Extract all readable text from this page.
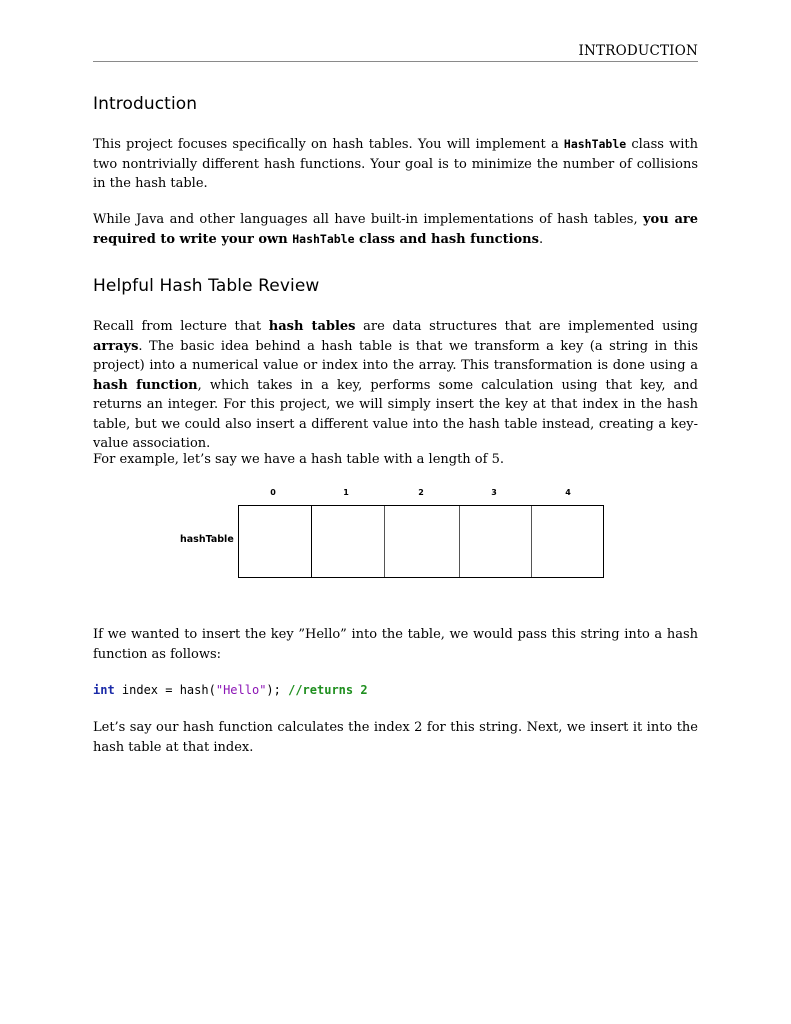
INTRODUCTION
Introduction

This project focuses specifically on hash tables. You will implement a HashTable class with two nontrivially different hash functions. Your goal is to minimize the number of collisions in the hash table.

While Java and other languages all have built-in implementations of hash tables, you are required to write your own HashTable class and hash functions.

Helpful Hash Table Review

Recall from lecture that hash tables are data structures that are implemented using arrays. The basic idea behind a hash table is that we transform a key (a string in this project) into a numerical value or index into the array. This transformation is done using a hash function, which takes in a key, performs some calculation using that key, and returns an integer. For this project, we will simply insert the key at that index in the hash table, but we could also insert a different value into the hash table instead, creating a key-value association.

For example, let’s say we have a hash table with a length of 5.

If we wanted to insert the key ”Hello” into the table, we would pass this string into a hash function as follows:

Let’s say our hash function calculates the index 2 for this string. Next, we insert it into the hash table at that index.

0	1	2	3	4
hashTable
int index = hash("Hello"); //returns 2
